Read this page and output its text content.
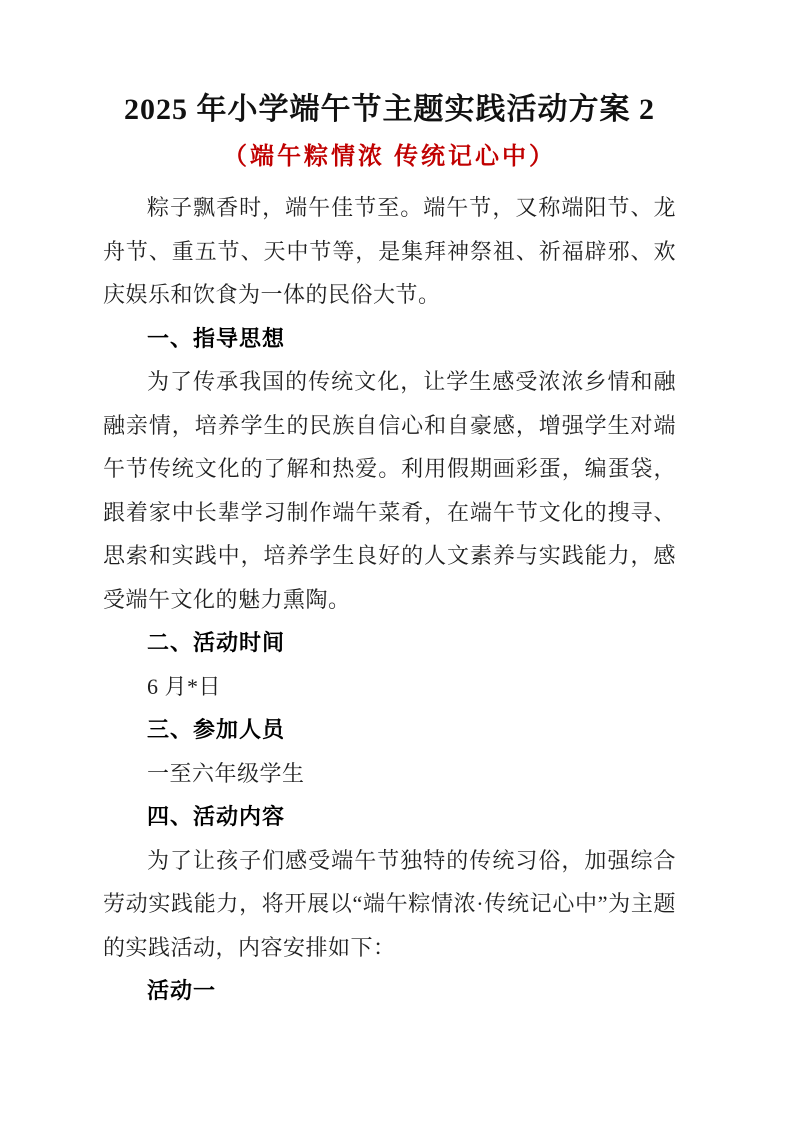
2025 年小学端午节主题实践活动方案 2
（端午粽情浓 传统记心中）

粽子飘香时，端午佳节至。端午节，又称端阳节、龙舟节、重五节、天中节等，是集拜神祭祖、祈福辟邪、欢庆娱乐和饮食为一体的民俗大节。

一、指导思想

为了传承我国的传统文化，让学生感受浓浓乡情和融融亲情，培养学生的民族自信心和自豪感，增强学生对端午节传统文化的了解和热爱。利用假期画彩蛋，编蛋袋，跟着家中长辈学习制作端午菜肴，在端午节文化的搜寻、思索和实践中，培养学生良好的人文素养与实践能力，感受端午文化的魅力熏陶。

二、活动时间

6 月*日

三、参加人员

一至六年级学生

四、活动内容

为了让孩子们感受端午节独特的传统习俗，加强综合劳动实践能力，将开展以“端午粽情浓·传统记心中”为主题的实践活动，内容安排如下：

活动一
